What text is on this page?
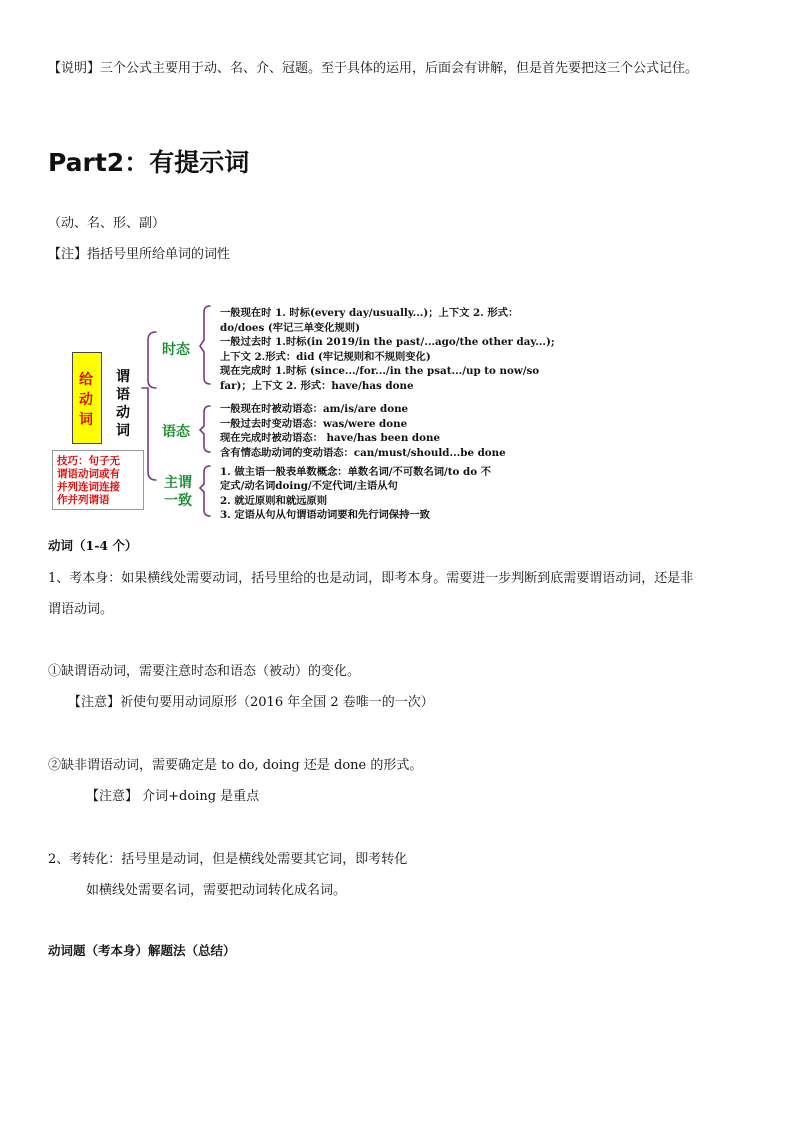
【说明】三个公式主要用于动、名、介、冠题。至于具体的运用，后面会有讲解，但是首先要把这三个公式记住。
Part2：有提示词
（动、名、形、副）
【注】指括号里所给单词的词性
给
动
词
谓
语
动
词
时态
语态
主谓
一致
技巧：句子无
谓语动词或有
并列连词连接
作并列谓语
一般现在时 1. 时标(every day/usually...)；上下文 2. 形式：
do/does (牢记三单变化规则)
一般过去时 1.时标(in 2019/in the past/...ago/the other day...);
上下文 2.形式：did (牢记规则和不规则变化)
现在完成时 1.时标 (since.../for.../in the psat.../up to now/so
far)；上下文 2. 形式：have/has done
一般现在时被动语态：am/is/are done
一般过去时变动语态：was/were done
现在完成时被动语态： have/has been done
含有情态助动词的变动语态：can/must/should...be done
1. 做主语一般表单数概念：单数名词/不可数名词/to do 不
定式/动名词doing/不定代词/主语从句
2. 就近原则和就远原则
3. 定语从句从句谓语动词要和先行词保持一致
动词（1-4 个）
1、考本身：如果横线处需要动词，括号里给的也是动词，即考本身。需要进一步判断到底需要谓语动词，还是非
谓语动词。
①缺谓语动词，需要注意时态和语态（被动）的变化。
【注意】祈使句要用动词原形（2016 年全国 2 卷唯一的一次）
②缺非谓语动词，需要确定是 to do, doing 还是 done 的形式。
【注意】 介词+doing 是重点
2、考转化：括号里是动词，但是横线处需要其它词，即考转化
如横线处需要名词，需要把动词转化成名词。
动词题（考本身）解题法（总结）
